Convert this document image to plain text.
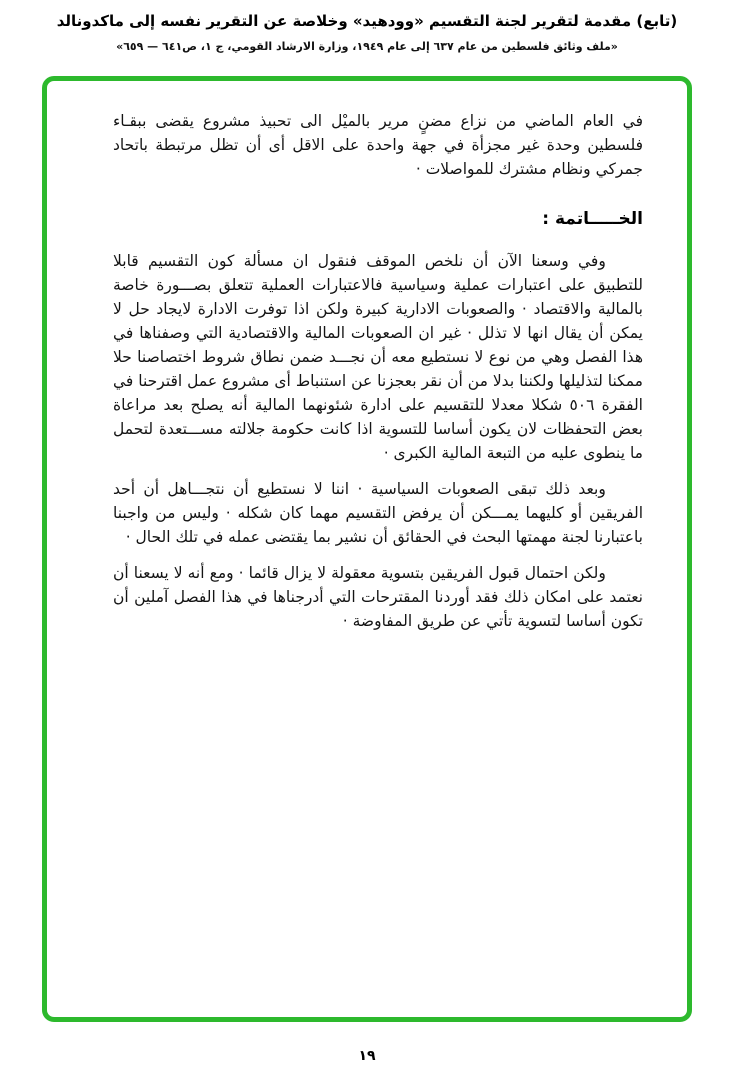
(تابع) مقدمة لتقرير لجنة التقسيم «وودهيد» وخلاصة عن التقرير نفسه إلى ماكدونالد
«ملف وثائق فلسطين من عام ٦٣٧ إلى عام ١٩٤٩، وزارة الارشاد القومي، ج ١، ص٦٤١ — ٦٥٩»

في العام الماضي من نزاع مضنٍ مرير بالميْل الى تحبيذ مشروع يقضى ببقـاء فلسطين وحدة غير مجزأة في جهة واحدة على الاقل أى أن تظل مرتبطة باتحاد جمركي ونظام مشترك للمواصلات ·

الخـــــاتمة :

وفي وسعنا الآن أن نلخص الموقف فنقول ان مسألة كون التقسيم قابلا للتطبيق على اعتبارات عملية وسياسية فالاعتبارات العملية تتعلق بصـــورة خاصة بالمالية والاقتصاد · والصعوبات الادارية كبيرة ولكن اذا توفرت الادارة لايجاد حل لا يمكن أن يقال انها لا تذلل · غير ان الصعوبات المالية والاقتصادية التي وصفناها في هذا الفصل وهي من نوع لا نستطيع معه أن نجـــد ضمن نطاق شروط اختصاصنا حلا ممكنا لتذليلها ولكننا بدلا من أن نقر بعجزنا عن استنباط أى مشروع عمل اقترحنا في الفقرة ٥٠٦ شكلا معدلا للتقسيم على ادارة شئونهما المالية أنه يصلح بعد مراعاة بعض التحفظات لان يكون أساسا للتسوية اذا كانت حكومة جلالته مســـتعدة لتحمل ما ينطوى عليه من التبعة المالية الكبرى ·

وبعد ذلك تبقى الصعوبات السياسية · اننا لا نستطيع أن نتجـــاهل أن أحد الفريقين أو كليهما يمـــكن أن يرفض التقسيم مهما كان شكله · وليس من واجبنا باعتبارنا لجنة مهمتها البحث في الحقائق أن نشير بما يقتضى عمله في تلك الحال ·

ولكن احتمال قبول الفريقين بتسوية معقولة لا يزال قائما · ومع أنه لا يسعنا أن نعتمد على امكان ذلك فقد أوردنا المقترحات التي أدرجناها في هذا الفصل آملين أن تكون أساسا لتسوية تأتي عن طريق المفاوضة ·

١٩
